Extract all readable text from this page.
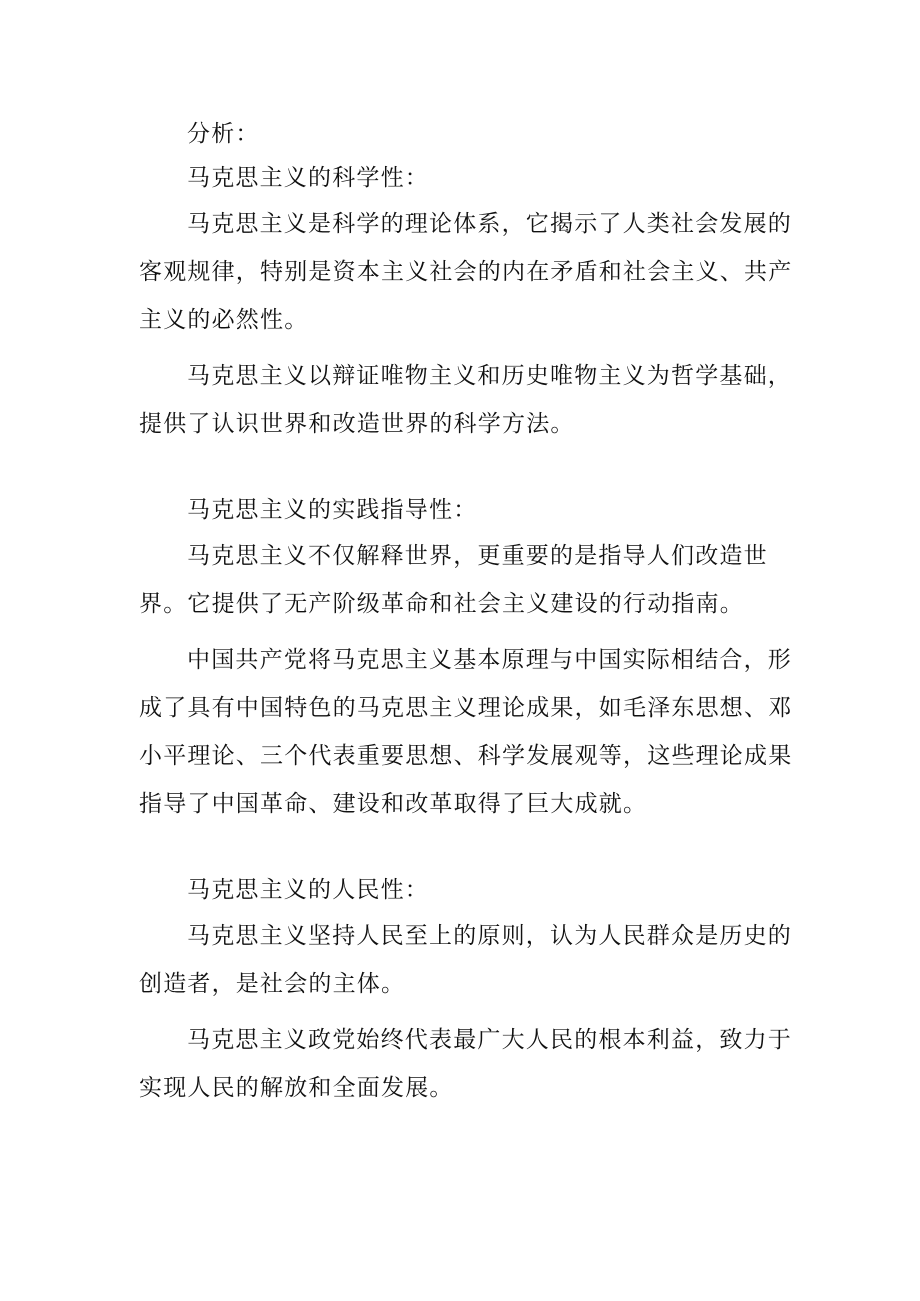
分析：

马克思主义的科学性：

马克思主义是科学的理论体系，它揭示了人类社会发展的客观规律，特别是资本主义社会的内在矛盾和社会主义、共产主义的必然性。

马克思主义以辩证唯物主义和历史唯物主义为哲学基础，提供了认识世界和改造世界的科学方法。

马克思主义的实践指导性：

马克思主义不仅解释世界，更重要的是指导人们改造世界。它提供了无产阶级革命和社会主义建设的行动指南。

中国共产党将马克思主义基本原理与中国实际相结合，形成了具有中国特色的马克思主义理论成果，如毛泽东思想、邓小平理论、三个代表重要思想、科学发展观等，这些理论成果指导了中国革命、建设和改革取得了巨大成就。

马克思主义的人民性：

马克思主义坚持人民至上的原则，认为人民群众是历史的创造者，是社会的主体。

马克思主义政党始终代表最广大人民的根本利益，致力于实现人民的解放和全面发展。
